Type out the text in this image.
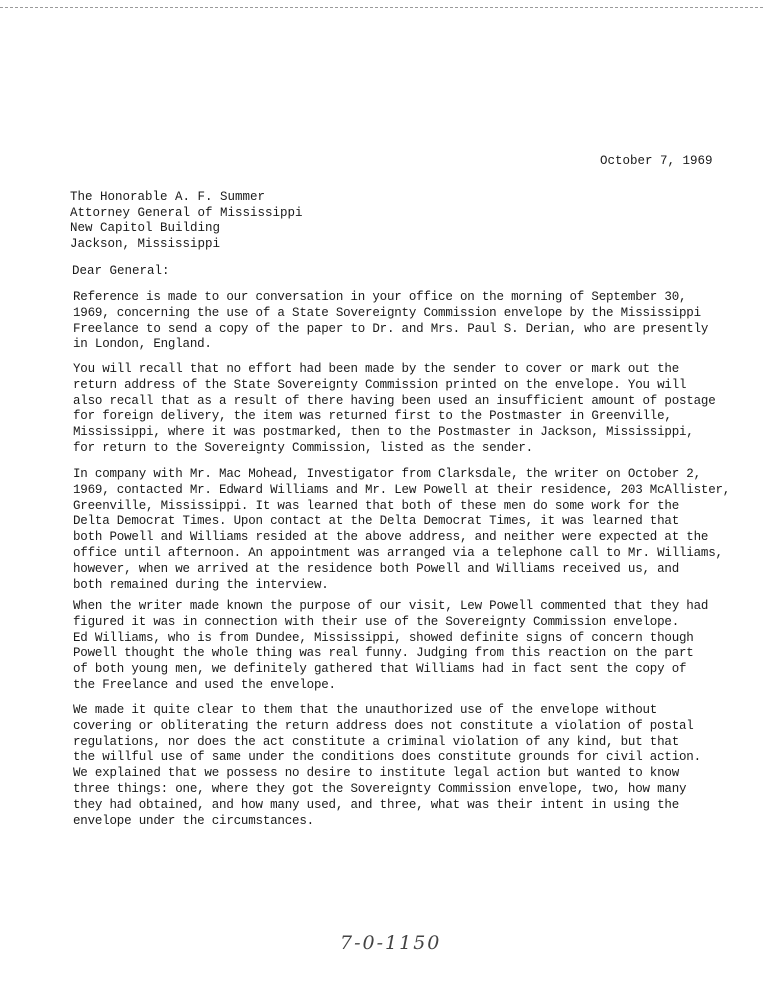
October 7, 1969
The Honorable A. F. Summer
Attorney General of Mississippi
New Capitol Building
Jackson, Mississippi
Dear General:
Reference is made to our conversation in your office on the morning of September 30,
1969, concerning the use of a State Sovereignty Commission envelope by the Mississippi
Freelance to send a copy of the paper to Dr. and Mrs. Paul S. Derian, who are presently
in London, England.
You will recall that no effort had been made by the sender to cover or mark out the
return address of the State Sovereignty Commission printed on the envelope. You will
also recall that as a result of there having been used an insufficient amount of postage
for foreign delivery, the item was returned first to the Postmaster in Greenville,
Mississippi, where it was postmarked, then to the Postmaster in Jackson, Mississippi,
for return to the Sovereignty Commission, listed as the sender.
In company with Mr. Mac Mohead, Investigator from Clarksdale, the writer on October 2,
1969, contacted Mr. Edward Williams and Mr. Lew Powell at their residence, 203 McAllister,
Greenville, Mississippi. It was learned that both of these men do some work for the
Delta Democrat Times. Upon contact at the Delta Democrat Times, it was learned that
both Powell and Williams resided at the above address, and neither were expected at the
office until afternoon. An appointment was arranged via a telephone call to Mr. Williams,
however, when we arrived at the residence both Powell and Williams received us, and
both remained during the interview.
When the writer made known the purpose of our visit, Lew Powell commented that they had
figured it was in connection with their use of the Sovereignty Commission envelope.
Ed Williams, who is from Dundee, Mississippi, showed definite signs of concern though
Powell thought the whole thing was real funny. Judging from this reaction on the part
of both young men, we definitely gathered that Williams had in fact sent the copy of
the Freelance and used the envelope.
We made it quite clear to them that the unauthorized use of the envelope without
covering or obliterating the return address does not constitute a violation of postal
regulations, nor does the act constitute a criminal violation of any kind, but that
the willful use of same under the conditions does constitute grounds for civil action.
We explained that we possess no desire to institute legal action but wanted to know
three things: one, where they got the Sovereignty Commission envelope, two, how many
they had obtained, and how many used, and three, what was their intent in using the
envelope under the circumstances.
7-0-1150
